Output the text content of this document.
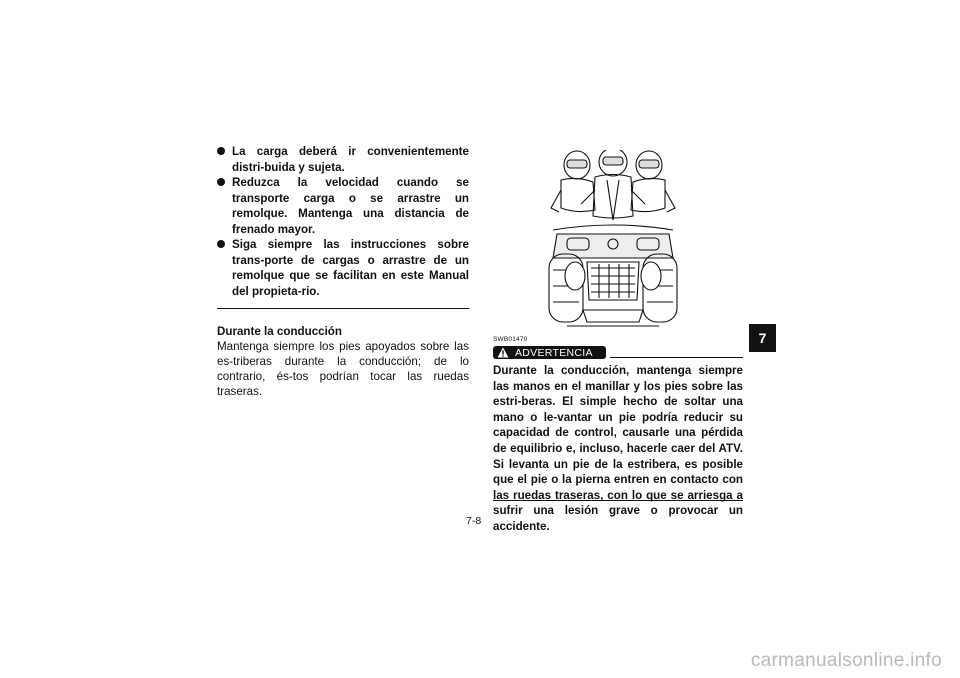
La carga deberá ir convenientemente distri-buida y sujeta.
Reduzca la velocidad cuando se transporte carga o se arrastre un remolque. Mantenga una distancia de frenado mayor.
Siga siempre las instrucciones sobre trans-porte de cargas o arrastre de un remolque que se facilitan en este Manual del propieta-rio.
Durante la conducción
Mantenga siempre los pies apoyados sobre las es-triberas durante la conducción; de lo contrario, és-tos podrían tocar las ruedas traseras.
SWB01470
ADVERTENCIA
Durante la conducción, mantenga siempre las manos en el manillar y los pies sobre las estri-beras. El simple hecho de soltar una mano o le-vantar un pie podría reducir su capacidad de control, causarle una pérdida de equilibrio e, incluso, hacerle caer del ATV. Si levanta un pie de la estribera, es posible que el pie o la pierna entren en contacto con las ruedas traseras, con lo que se arriesga a sufrir una lesión grave o provocar un accidente.
7
7-8
carmanualsonline.info
